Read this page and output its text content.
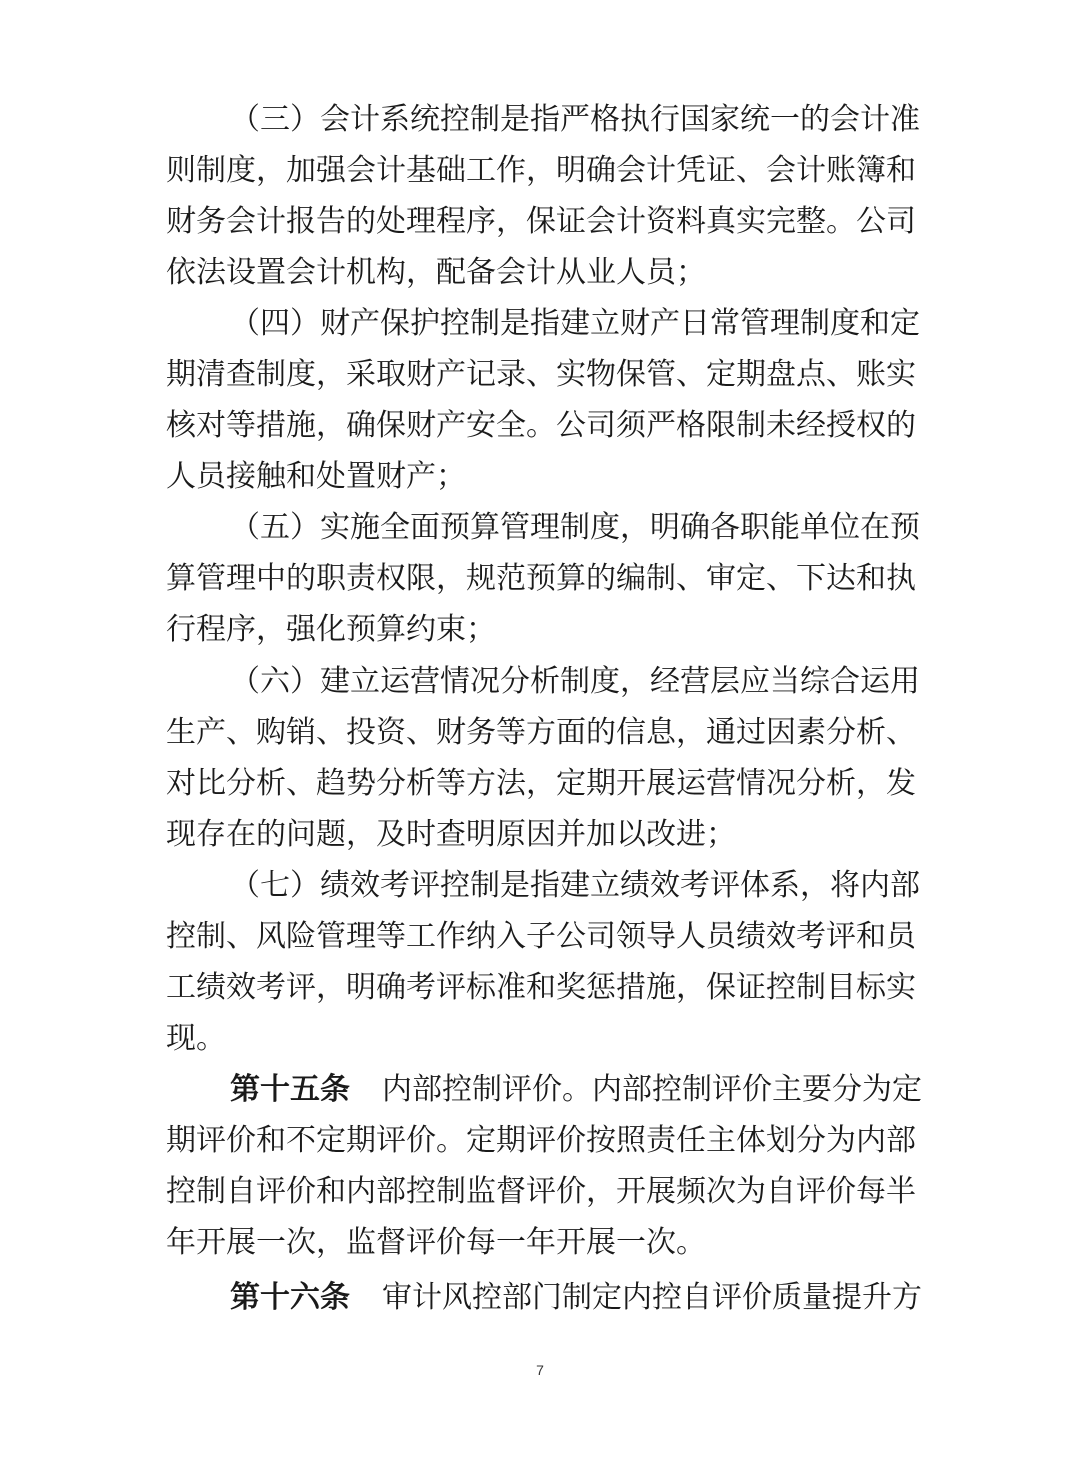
（三）会计系统控制是指严格执行国家统一的会计准
则制度，加强会计基础工作，明确会计凭证、会计账簿和
财务会计报告的处理程序，保证会计资料真实完整。公司
依法设置会计机构，配备会计从业人员；
（四）财产保护控制是指建立财产日常管理制度和定
期清查制度，采取财产记录、实物保管、定期盘点、账实
核对等措施，确保财产安全。公司须严格限制未经授权的
人员接触和处置财产；
（五）实施全面预算管理制度，明确各职能单位在预
算管理中的职责权限，规范预算的编制、审定、下达和执
行程序，强化预算约束；
（六）建立运营情况分析制度，经营层应当综合运用
生产、购销、投资、财务等方面的信息，通过因素分析、
对比分析、趋势分析等方法，定期开展运营情况分析，发
现存在的问题，及时查明原因并加以改进；
（七）绩效考评控制是指建立绩效考评体系，将内部
控制、风险管理等工作纳入子公司领导人员绩效考评和员
工绩效考评，明确考评标准和奖惩措施，保证控制目标实
现。
第十五条 内部控制评价。内部控制评价主要分为定
期评价和不定期评价。定期评价按照责任主体划分为内部
控制自评价和内部控制监督评价，开展频次为自评价每半
年开展一次，监督评价每一年开展一次。
第十六条 审计风控部门制定内控自评价质量提升方
7
